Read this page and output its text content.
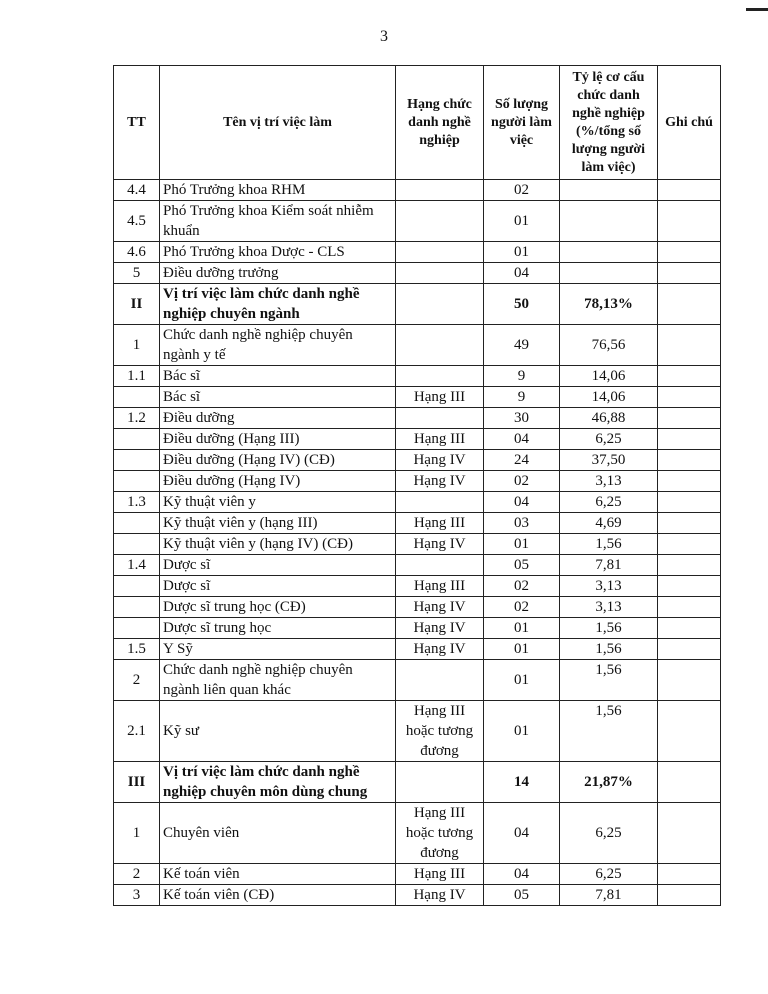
3
TT	Tên vị trí việc làm	Hạng chức danh nghề nghiệp	Số lượng người làm việc	Tỷ lệ cơ cấu chức danh nghề nghiệp (%/tổng số lượng người làm việc)	Ghi chú
4.4	Phó Trưởng khoa RHM		02		
4.5	Phó Trưởng khoa Kiểm soát nhiễm khuẩn		01		
4.6	Phó Trưởng khoa Dược - CLS		01		
5	Điều dưỡng trưởng		04		
II	Vị trí việc làm chức danh nghề nghiệp chuyên ngành		50	78,13%	
1	Chức danh nghề nghiệp chuyên ngành y tế		49	76,56	
1.1	Bác sĩ		9	14,06	
	Bác sĩ	Hạng III	9	14,06	
1.2	Điều dưỡng		30	46,88	
	Điều dưỡng (Hạng III)	Hạng III	04	6,25	
	Điều dưỡng (Hạng IV) (CĐ)	Hạng IV	24	37,50	
	Điều dưỡng (Hạng IV)	Hạng IV	02	3,13	
1.3	Kỹ thuật viên y		04	6,25	
	Kỹ thuật viên y (hạng III)	Hạng III	03	4,69	
	Kỹ thuật viên y (hạng IV) (CĐ)	Hạng IV	01	1,56	
1.4	Dược sĩ		05	7,81	
	Dược sĩ	Hạng III	02	3,13	
	Dược sĩ trung học (CĐ)	Hạng IV	02	3,13	
	Dược sĩ trung học	Hạng IV	01	1,56	
1.5	Y Sỹ	Hạng IV	01	1,56	
2	Chức danh nghề nghiệp chuyên ngành liên quan khác		01	1,56	
2.1	Kỹ sư	Hạng III hoặc tương đương	01	1,56	
III	Vị trí việc làm chức danh nghề nghiệp chuyên môn dùng chung		14	21,87%	
1	Chuyên viên	Hạng III hoặc tương đương	04	6,25	
2	Kế toán viên	Hạng III	04	6,25	
3	Kế toán viên (CĐ)	Hạng IV	05	7,81	
